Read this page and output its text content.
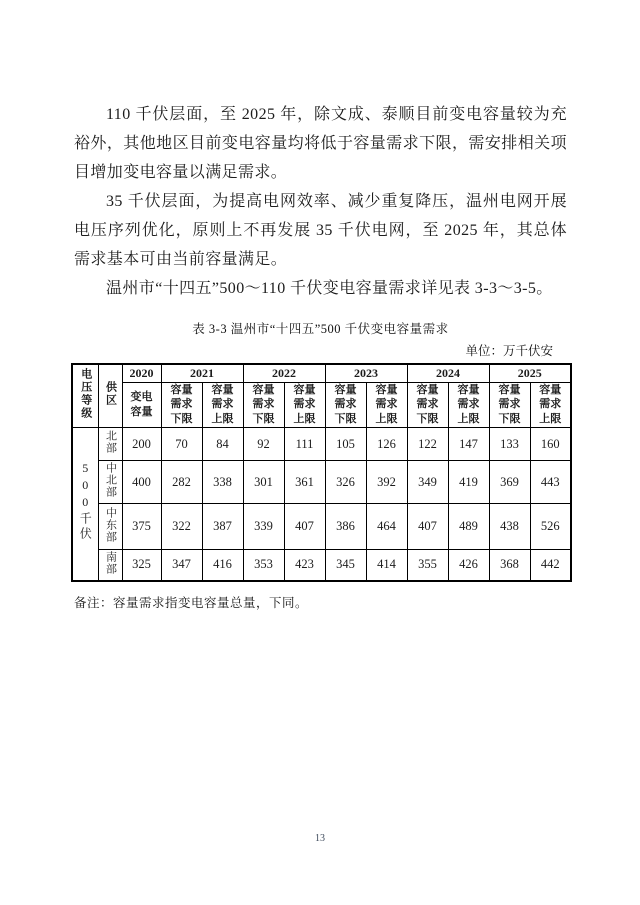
110 千伏层面，至 2025 年，除文成、泰顺目前变电容量较为充裕外，其他地区目前变电容量均将低于容量需求下限，需安排相关项目增加变电容量以满足需求。

35 千伏层面，为提高电网效率、减少重复降压，温州电网开展电压序列优化，原则上不再发展 35 千伏电网，至 2025 年，其总体需求基本可由当前容量满足。

温州市“十四五”500～110 千伏变电容量需求详见表 3-3～3-5。

表 3-3 温州市“十四五”500 千伏变电容量需求
单位：万千伏安
电压等级	供区	2020	2021		2022		2023		2024		2025	
		变电容量	容量需求下限	容量需求上限	容量需求下限	容量需求上限	容量需求下限	容量需求上限	容量需求下限	容量需求上限	容量需求下限	容量需求上限
500千伏	北部	200	70	84	92	111	105	126	122	147	133	160
	中北部	400	282	338	301	361	326	392	349	419	369	443
	中东部	375	322	387	339	407	386	464	407	489	438	526
	南部	325	347	416	353	423	345	414	355	426	368	442
备注：容量需求指变电容量总量，下同。
13
